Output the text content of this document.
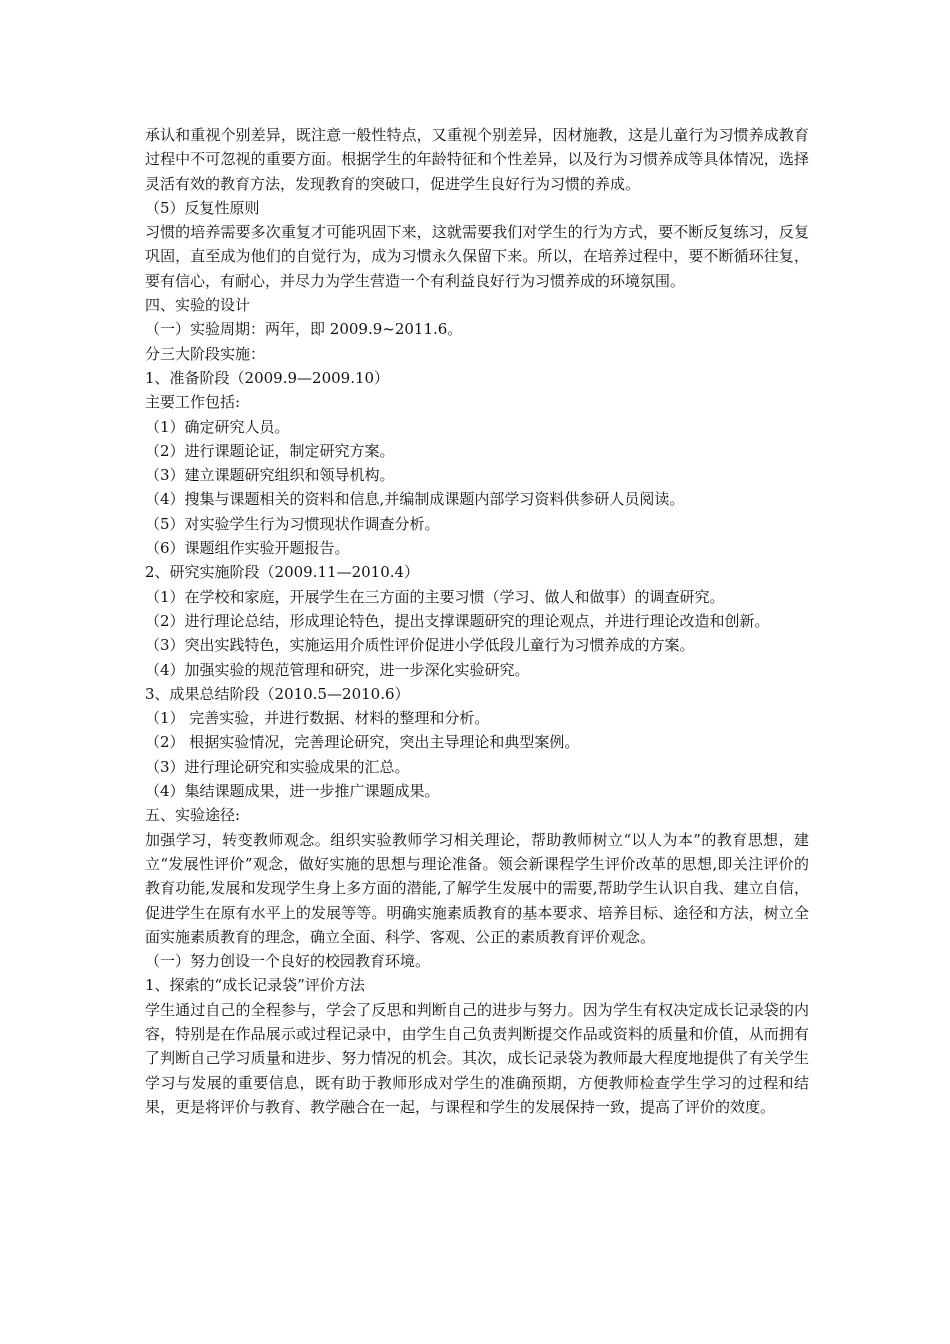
承认和重视个别差异，既注意一般性特点，又重视个别差异，因材施教，这是儿童行为习惯养成教育过程中不可忽视的重要方面。根据学生的年龄特征和个性差异，以及行为习惯养成等具体情况，选择灵活有效的教育方法，发现教育的突破口，促进学生良好行为习惯的养成。

（5）反复性原则

习惯的培养需要多次重复才可能巩固下来，这就需要我们对学生的行为方式，要不断反复练习，反复巩固，直至成为他们的自觉行为，成为习惯永久保留下来。所以，在培养过程中，要不断循环往复，要有信心，有耐心，并尽力为学生营造一个有利益良好行为习惯养成的环境氛围。

四、实验的设计

（一）实验周期：两年，即 2009.9~2011.6。

分三大阶段实施：

1、准备阶段（2009.9—2009.10）

主要工作包括:

（1）确定研究人员。

（2）进行课题论证，制定研究方案。

（3）建立课题研究组织和领导机构。

（4）搜集与课题相关的资料和信息,并编制成课题内部学习资料供参研人员阅读。

（5）对实验学生行为习惯现状作调查分析。

（6）课题组作实验开题报告。

2、研究实施阶段（2009.11—2010.4）

（1）在学校和家庭，开展学生在三方面的主要习惯（学习、做人和做事）的调查研究。

（2）进行理论总结，形成理论特色，提出支撑课题研究的理论观点，并进行理论改造和创新。

（3）突出实践特色，实施运用介质性评价促进小学低段儿童行为习惯养成的方案。

（4）加强实验的规范管理和研究，进一步深化实验研究。

3、成果总结阶段（2010.5—2010.6）

（1） 完善实验，并进行数据、材料的整理和分析。

（2） 根据实验情况，完善理论研究，突出主导理论和典型案例。

（3）进行理论研究和实验成果的汇总。

（4）集结课题成果，进一步推广课题成果。

五、实验途径:

加强学习，转变教师观念。组织实验教师学习相关理论，帮助教师树立“以人为本”的教育思想，建立“发展性评价”观念，做好实施的思想与理论准备。领会新课程学生评价改革的思想,即关注评价的教育功能,发展和发现学生身上多方面的潜能,了解学生发展中的需要,帮助学生认识自我、建立自信，促进学生在原有水平上的发展等等。明确实施素质教育的基本要求、培养目标、途径和方法，树立全面实施素质教育的理念，确立全面、科学、客观、公正的素质教育评价观念。

（一）努力创设一个良好的校园教育环境。

1、探索的“成长记录袋”评价方法

学生通过自己的全程参与，学会了反思和判断自己的进步与努力。因为学生有权决定成长记录袋的内容，特别是在作品展示或过程记录中，由学生自己负责判断提交作品或资料的质量和价值，从而拥有了判断自己学习质量和进步、努力情况的机会。其次，成长记录袋为教师最大程度地提供了有关学生学习与发展的重要信息，既有助于教师形成对学生的准确预期，方便教师检查学生学习的过程和结果，更是将评价与教育、教学融合在一起，与课程和学生的发展保持一致，提高了评价的效度。
